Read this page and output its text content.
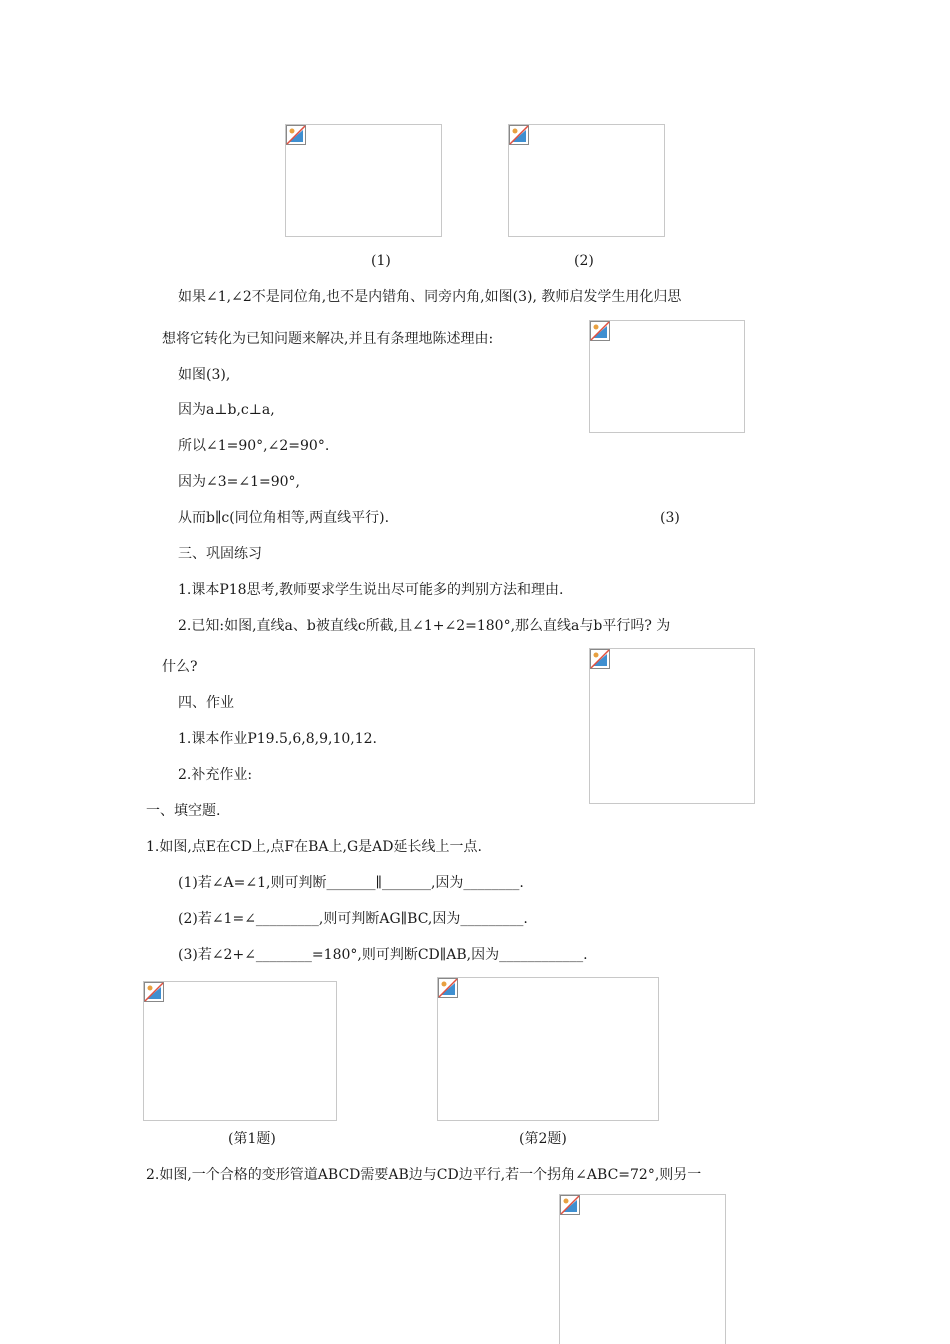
(1)	(2)
如果∠1,∠2不是同位角,也不是内错角、同旁内角,如图(3), 教师启发学生用化归思
想将它转化为已知问题来解决,并且有条理地陈述理由:
如图(3),
因为a⊥b,c⊥a,
所以∠1=90°,∠2=90°.
因为∠3=∠1=90°,
从而b∥c(同位角相等,两直线平行).	(3)
三、巩固练习
1.课本P18思考,教师要求学生说出尽可能多的判别方法和理由.
2.已知:如图,直线a、b被直线c所截,且∠1+∠2=180°,那么直线a与b平行吗? 为
什么?
四、作业
1.课本作业P19.5,6,8,9,10,12.
2.补充作业:
一、填空题.
1.如图,点E在CD上,点F在BA上,G是AD延长线上一点.
(1)若∠A=∠1,则可判断_______∥_______,因为________.
(2)若∠1=∠_________,则可判断AG∥BC,因为_________.
(3)若∠2+∠________=180°,则可判断CD∥AB,因为____________.
(第1题)	(第2题)
2.如图,一个合格的变形管道ABCD需要AB边与CD边平行,若一个拐角∠ABC=72°,则另一
